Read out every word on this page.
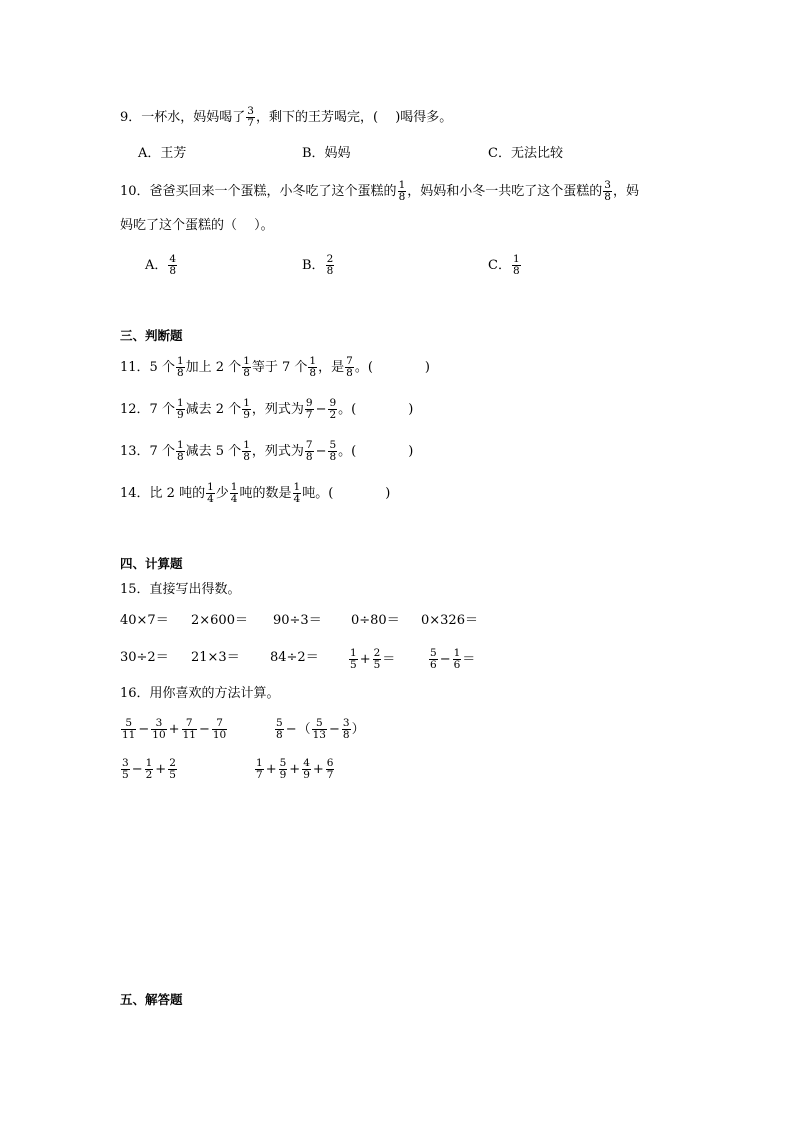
9．一杯水，妈妈喝了 $\frac{3}{7}$ ，剩下的王芳喝完，(　 )喝得多。
A．王芳	B．妈妈	C．无法比较
10．爸爸买回来一个蛋糕，小冬吃了这个蛋糕的 $\frac{1}{8}$ ，妈妈和小冬一共吃了这个蛋糕的 $\frac{3}{8}$ ，妈
妈吃了这个蛋糕的（　 ）。
A． $\frac{4}{8}$	B． $\frac{2}{8}$	C． $\frac{1}{8}$
三、判断题
11．5 个 $\frac{1}{8}$ 加上 2 个 $\frac{1}{8}$ 等于 7 个 $\frac{1}{8}$ ，是 $\frac{7}{8}$ 。(　　　　)
12．7 个 $\frac{1}{9}$ 减去 2 个 $\frac{1}{9}$ ，列式为 $\frac{9}{7} - \frac{9}{2}$ 。(　　　　)
13．7 个 $\frac{1}{8}$ 减去 5 个 $\frac{1}{8}$ ，列式为 $\frac{7}{8} - \frac{5}{8}$ 。(　　　　)
14．比 2 吨的 $\frac{1}{4}$ 少 $\frac{1}{4}$ 吨的数是 $\frac{1}{4}$ 吨。(　　　　)
四、计算题
15．直接写出得数。
40×7＝ 2×600＝ 90÷3＝ 0÷80＝ 0×326＝
30÷2＝ 21×3＝ 84÷2＝	$\frac{1}{5} + \frac{2}{5}$ ＝	$\frac{5}{6} - \frac{1}{6}$ ＝
16．用你喜欢的方法计算。
$\frac{5}{11} - \frac{3}{10} + \frac{7}{11} - \frac{7}{10}$	$\frac{5}{8}$ −（ $\frac{5}{13} - \frac{3}{8}$ ）
$\frac{3}{5} - \frac{1}{2} + \frac{2}{5}$	$\frac{1}{7} + \frac{5}{9} + \frac{4}{9} + \frac{6}{7}$
五、解答题
